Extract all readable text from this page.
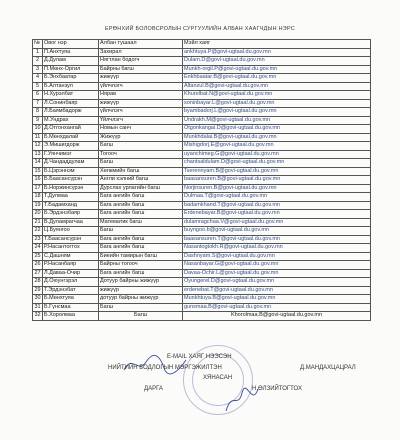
ЕРӨНХИЙ БОЛОВСРОЛЫН СУРГУУЛИЙН АЛБАН ХААГЧДЫН НЭРС
№	Овог нэр	Албан тушаал	Мэйл хаяг
1	П.Анхтуяа	Захирал	ankhtuya.P@govi-ugtaal.du.gov.mn
2	Д.Дулам	Нягтлан бодогч	Dulam.D@govi-ugtaal.du.gov.mn
3	П.Мөнх-Оргил	Байрны багш	Munkh-orgil.P@govi-ugtaal.du.gov.mn
4	Б.Энхбаатар	жижүүр	Enkhbaatar.B@govi-ugtaal.du.gov.mn
5	Б.Алтанзул	үйлчлэгч	Altanzul.B@govi-ugtaal.du.gov.mn
6	Н.Хурэлбат	Нярав	Khurelbat.N@govi-ugtaal.du.gov.mn
7	Л.Сонинбаяр	жижүүр	soninbayar.L@govi-ugtaal.du.gov.mn
8	Л.Баямбадорж	үйлчлэгч	byambadorj.L@govi-ugtaal.du.gov.mn
9	М.Ундрах	Үйлчлэгч	Undrakh.M@govi-ugtaal.du.gov.mn
10	Д.Отгонхангай	Номын санч	Otgonkangai.D@govi-ugtaal.du.gov.mn
11	Б.Мөнхдалай	Жижүүр	Munkhdalai.B@govi-ugtaal.du.gov.mn
12	Э.Мишигдорж	Багш	Mishigdorj.E@govi-ugtaal.du.gov.mn
13	Г.Уянчимэг	Тогооч	uyanchimeg.G@govi-ugtaal.du.gov.mn
14	Д.Чандаддулам	Багш	chantsaldulam.D@govi-ugtaal.du.gov.mn
15	Б.Цэрэннэм	Хөгжмийн багш	Tserennyam.B@govi-ugtaal.du.gov.mn
16	Б.Баасансүрэн	Англи хэлний багш	baasansuren.B@govi-ugtaal.du.gov.mn
17	Б.Норжинсүрэн	Дурслах урлагийн багш	Norjinsuren.B@govi-ugtaal.du.gov.mn
18	Т.Дулмаа	Бага ангийн багш	Dulmaa.T@govi-ugtaal.du.gov.mn
19	Т.Бадамханд	Бага ангийн багш	badamkhand.T@govi-ugtaal.du.gov.mn
20	Б.Эрдэнэбаяр	Бага ангийн багш	Erdenebayar.B@govi-ugtaal.du.gov.mn
21	В.Дуламрагчаа	Математик багш	dulamragchaa.V@govi-ugtaal.du.gov.mn
22	Ц.Буянгоо	Багш	buyngoo.b@govi-ugtaal.du.gov.mn
23	Т.Баасансүрэн	Бага ангийн багш	baasansuren.T@govi-ugtaal.du.gov.mn
24	Р.Насантогтох	Бага ангийн багш	Nasantogtokh.R@govi-ugtaal.du.gov.mn
25	С.Дашням	Биеийн тамирын багш	Dashnyam.S@govi-ugtaal.du.gov.mn
26	Р.Насанбаяр	Байрны тогооч	Nasanbayar.G@govi-ugtaal.du.gov.mn
27	Л.Даваа-Очир	Бага ангийн багш	Davaa-Ochir.L@govi-ugtaal.du.gov.mn
28	Д.Оюунгэрэл	Дотуур байрны жижүүр	Oyungerel.D@govi-ugtaal.du.gov.mn
29	Т.Эрдэнэбат	жижүүр	erdenebat.T@govi-ugtaal.du.gov.mn
30	Б.Мөнхтуяа	дотуур байрны жижүүр	Munkhtuya.B@govi-ugtaal.du.gov.mn
31	Б.Гүнсмаа	Багш	gunsmaa.B@govi-ugtaal.du.gov.mn
32	Б.Хоролмаа	Багш	Khorolmaa.B@govi-ugtaal.du.gov.mn
E-MAIL ХАЯГ НЭЭСЭН
НИЙТИЙН БОДЛОГЫН МЭРГЭЖИЛТЭН	Д.МАНДАХЦАЦРАЛ
ХЯНАСАН
ДАРГА	Н.ӨЛЗИЙТОГТОХ
